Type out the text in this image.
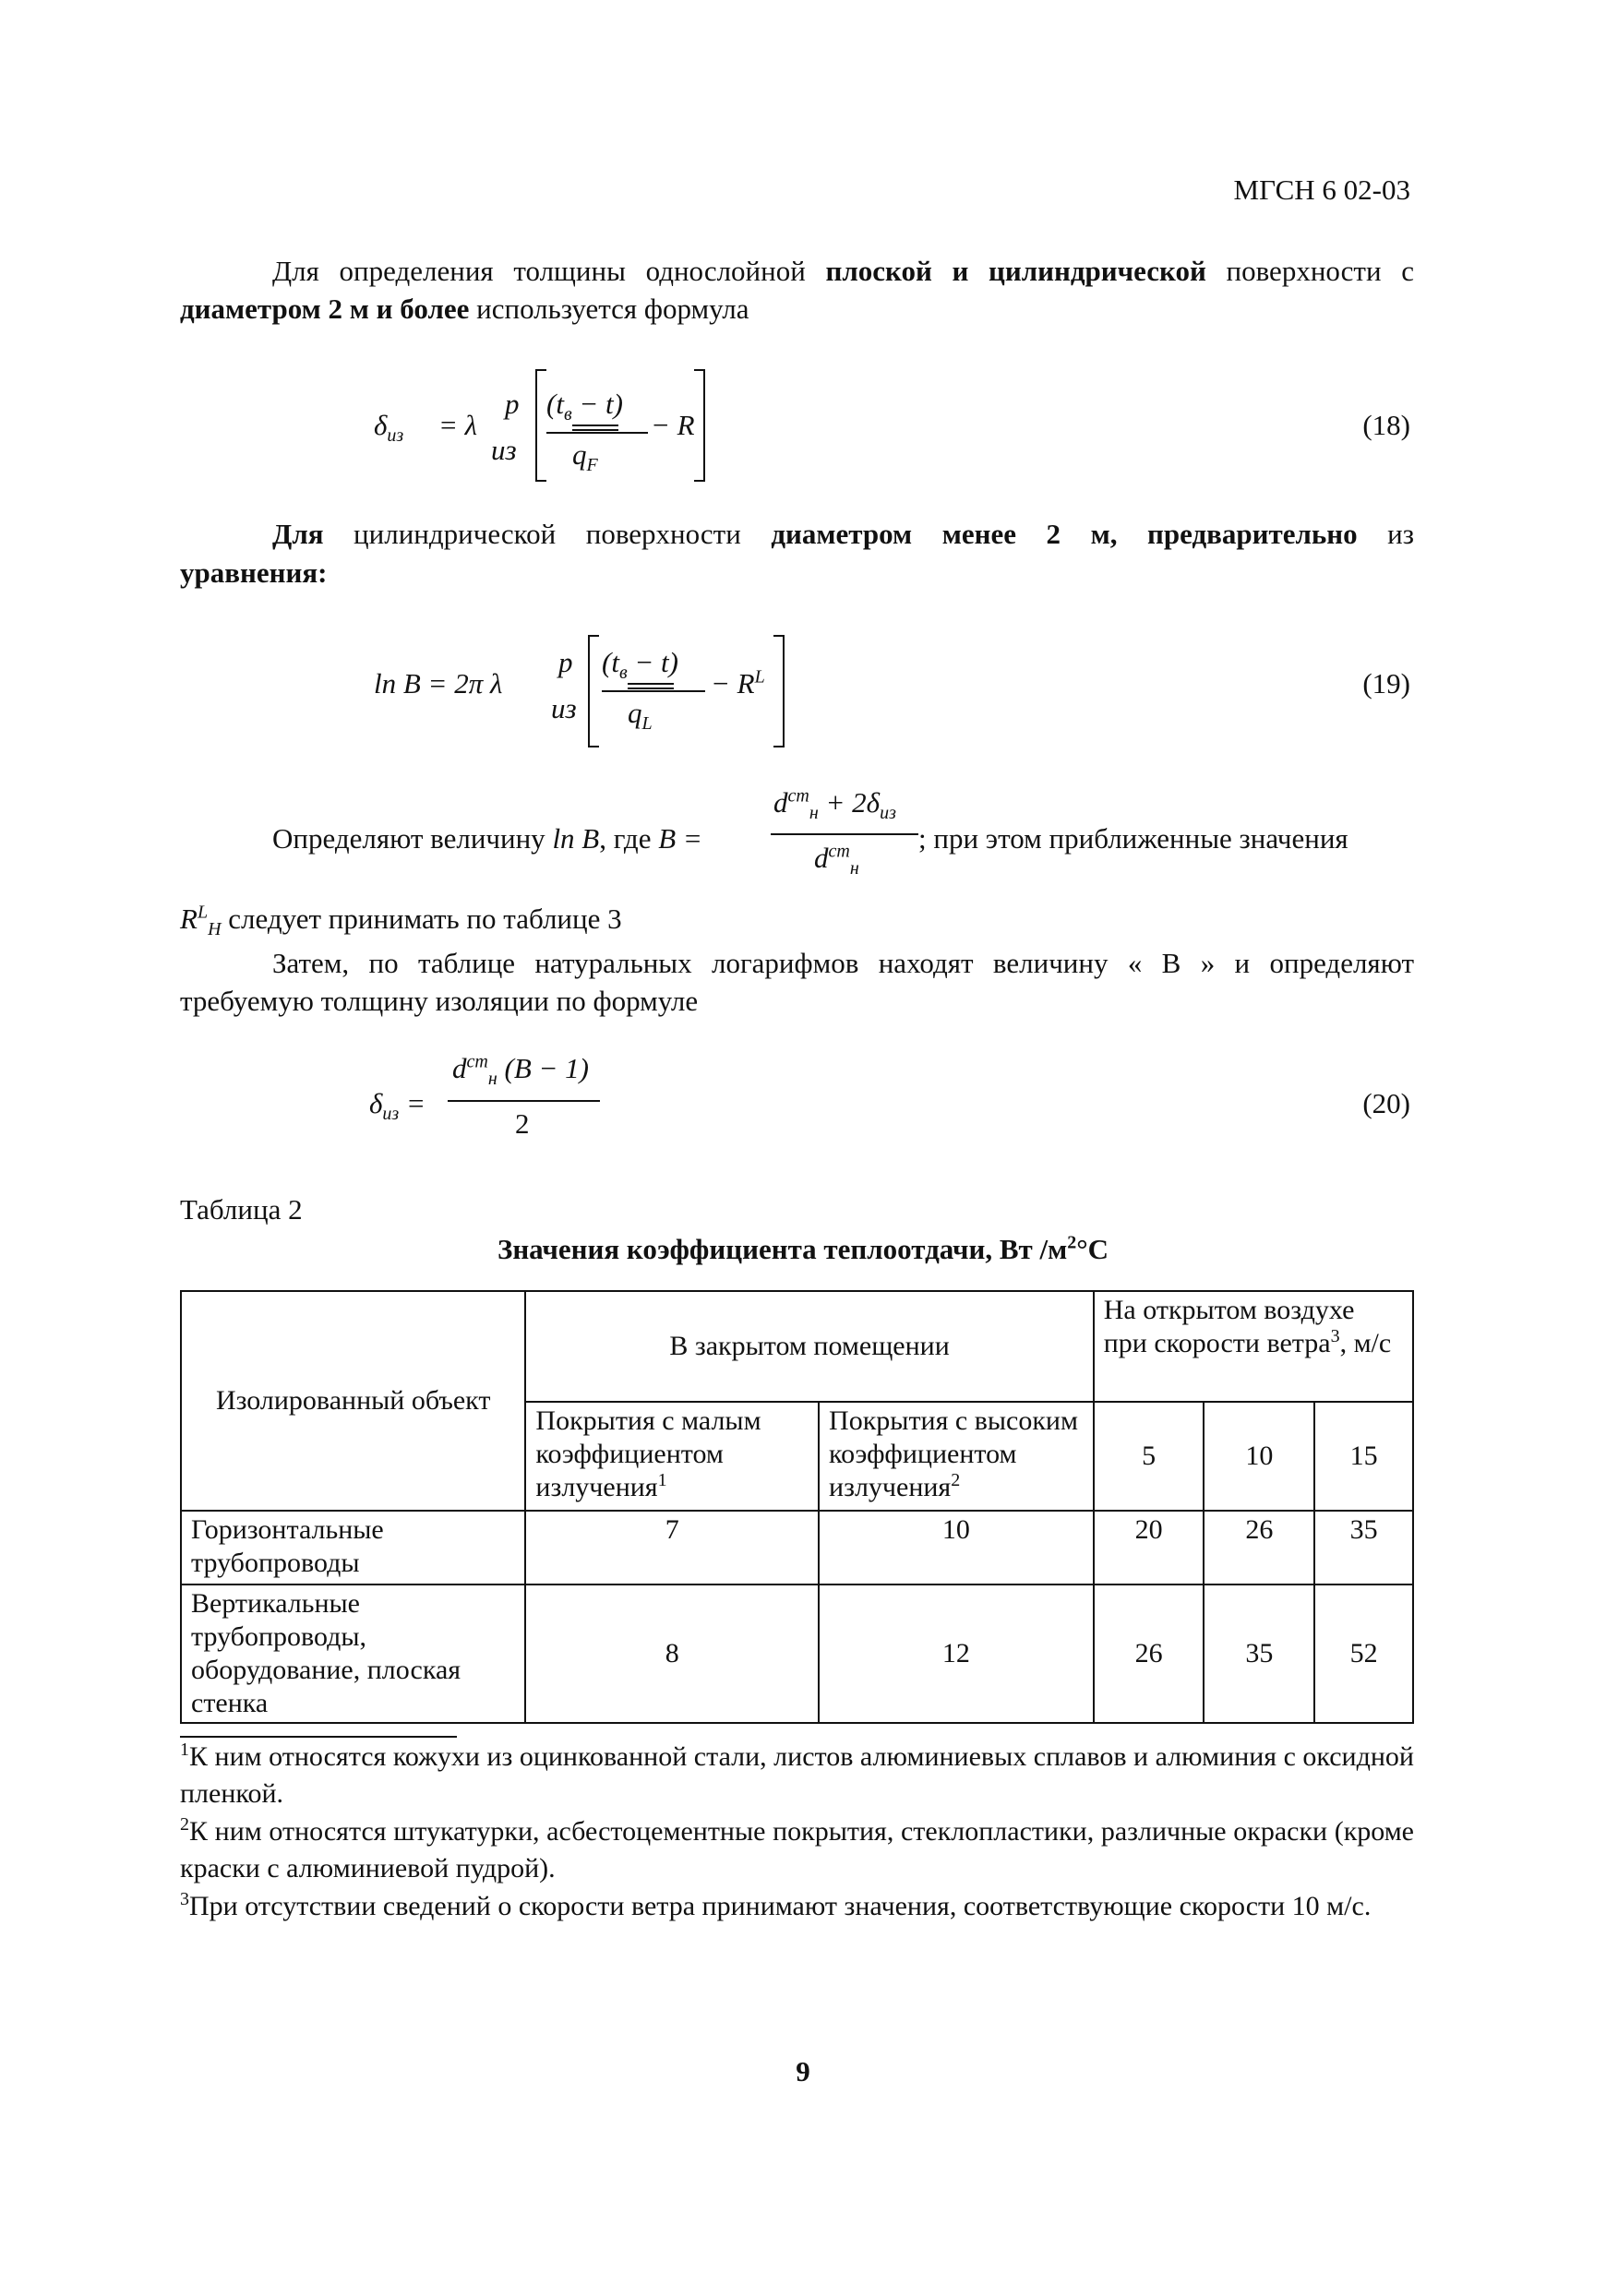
МГСН 6 02-03
Для определения толщины однослойной плоской и цилиндрической поверхности с
диаметром 2 м и более используется формула
$\delta_{из} = \lambda$
p
из
$(t_в - t)$
$q_F$
− R	(18)
Для цилиндрической поверхности диаметром менее 2 м, предварительно из
уравнения:
ln B = 2π λ
p
из
$(t_в - t)$
$q_L$
− $R^L$	(19)
Определяют величину ln B, где B =
$d^{cm}_н + 2\delta_{из}$
$d^{cm}_н$
; при этом приближенные значения
$R^L_H$ следует принимать по таблице 3
Затем, по таблице натуральных логарифмов находят величину « B » и определяют
требуемую толщину изоляции по формуле
$\delta_{из}$ =
$d^{cm}_н$ (B − 1)
2
(20)
Таблица 2
Значения коэффициента теплоотдачи, Вт $/м^2^\circ С$
Изолированный объект	В закрытом помещении		На открытом воздухе при скорости ветра$^3$, м/с		
	Покрытия с малым коэффициентом излучения$^1$	Покрытия с высоким коэффициентом излучения$^2$	5	10	15
Горизонтальные трубопроводы	7	10	20	26	35
Вертикальные трубопроводы, оборудование, плоская стенка	8	12	26	35	52
$^1$К ним относятся кожухи из оцинкованной стали, листов алюминиевых сплавов и алюминия с оксидной пленкой.
$^2$К ним относятся штукатурки, асбестоцементные покрытия, стеклопластики, различные окраски (кроме краски с алюминиевой пудрой).
$^3$При отсутствии сведений о скорости ветра принимают значения, соответствующие скорости 10 м/с.
9
